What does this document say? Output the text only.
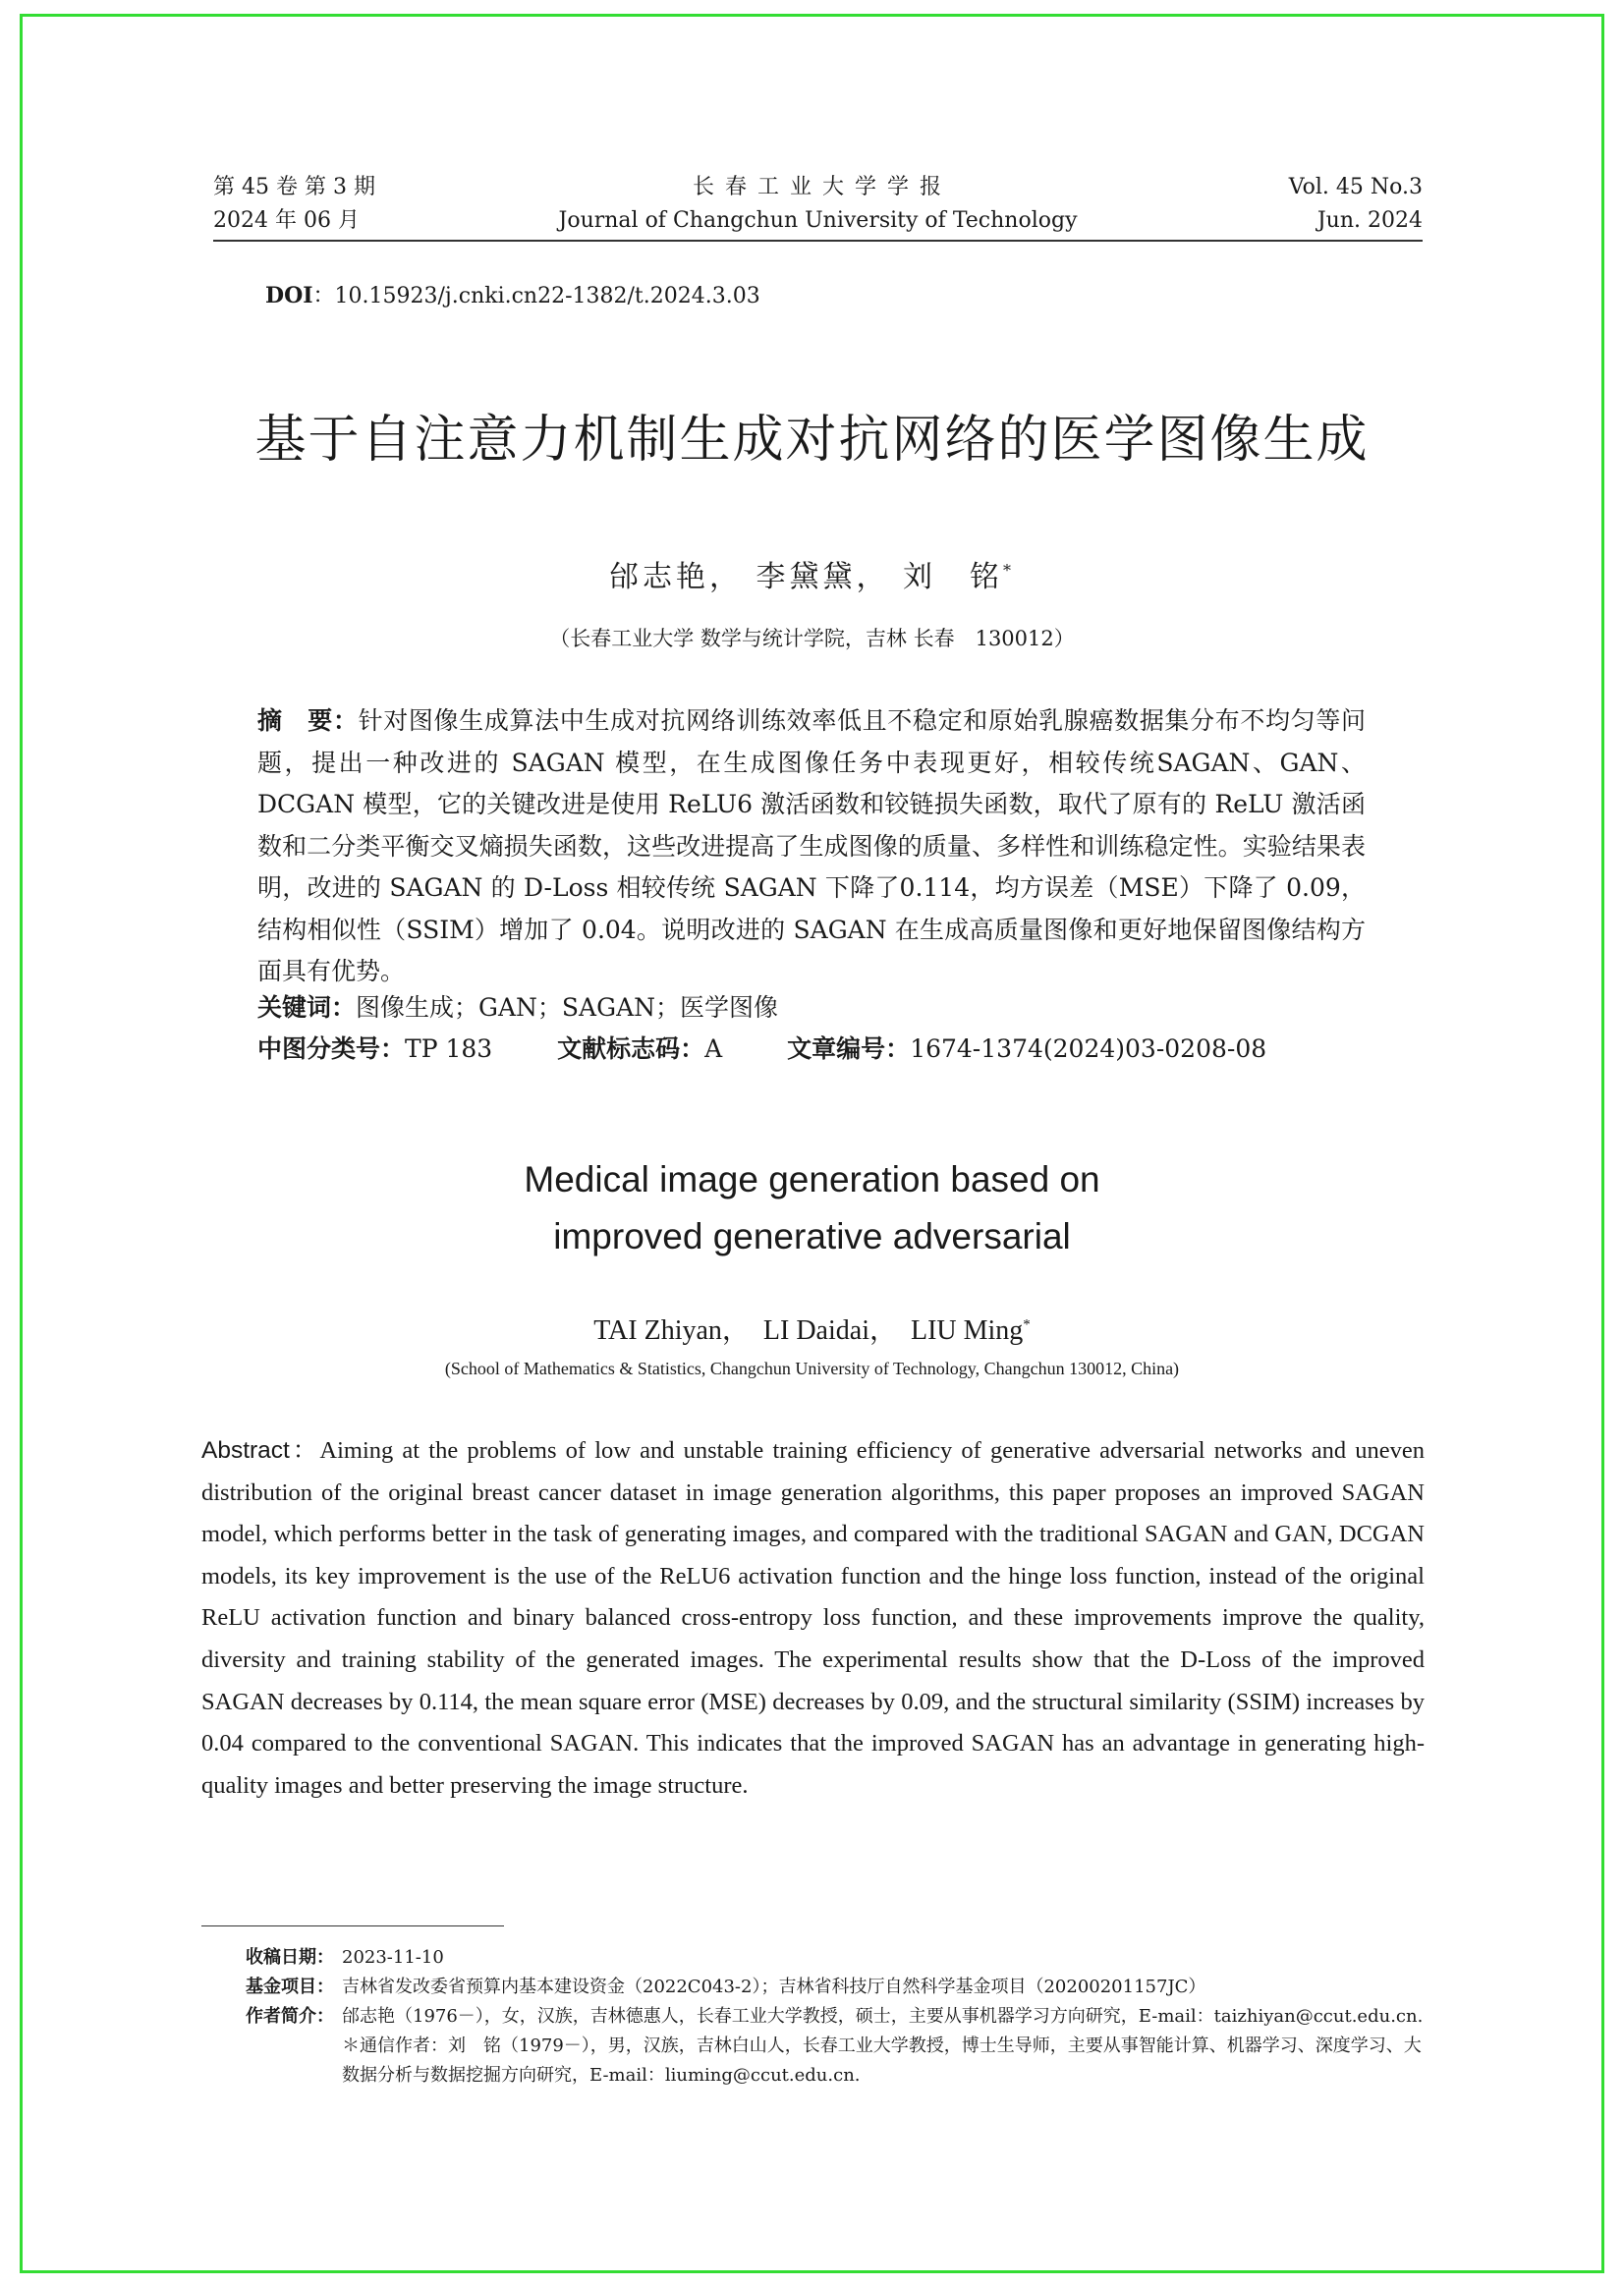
第 45 卷 第 3 期
2024 年 06 月
长 春 工 业 大 学 学 报
Journal of Changchun University of Technology
Vol. 45 No.3
Jun. 2024
DOI：10.15923/j.cnki.cn22-1382/t.2024.3.03
基于自注意力机制生成对抗网络的医学图像生成
邰志艳， 李黛黛， 刘　铭*
（长春工业大学 数学与统计学院，吉林 长春　130012）
摘　要：针对图像生成算法中生成对抗网络训练效率低且不稳定和原始乳腺癌数据集分布不均匀等问题，提出一种改进的 SAGAN 模型，在生成图像任务中表现更好，相较传统SAGAN、GAN、DCGAN 模型，它的关键改进是使用 ReLU6 激活函数和铰链损失函数，取代了原有的 ReLU 激活函数和二分类平衡交叉熵损失函数，这些改进提高了生成图像的质量、多样性和训练稳定性。实验结果表明，改进的 SAGAN 的 D-Loss 相较传统 SAGAN 下降了0.114，均方误差（MSE）下降了 0.09，结构相似性（SSIM）增加了 0.04。说明改进的 SAGAN 在生成高质量图像和更好地保留图像结构方面具有优势。
关键词：图像生成；GAN；SAGAN；医学图像
中图分类号：TP 183	文献标志码：A	文章编号：1674-1374(2024)03-0208-08
Medical image generation based on
improved generative adversarial
TAI Zhiyan，　LI Daidai，　LIU Ming*
(School of Mathematics & Statistics, Changchun University of Technology, Changchun 130012, China)
Abstract：Aiming at the problems of low and unstable training efficiency of generative adversarial networks and uneven distribution of the original breast cancer dataset in image generation algorithms, this paper proposes an improved SAGAN model, which performs better in the task of generating images, and compared with the traditional SAGAN and GAN, DCGAN models, its key improvement is the use of the ReLU6 activation function and the hinge loss function, instead of the original ReLU activation function and binary balanced cross-entropy loss function, and these improvements improve the quality, diversity and training stability of the generated images. The experimental results show that the D-Loss of the improved SAGAN decreases by 0.114, the mean square error (MSE) decreases by 0.09, and the structural similarity (SSIM) increases by 0.04 compared to the conventional SAGAN. This indicates that the improved SAGAN has an advantage in generating high-quality images and better preserving the image structure.
收稿日期： 2023-11-10
基金项目： 吉林省发改委省预算内基本建设资金（2022C043-2）；吉林省科技厅自然科学基金项目（20200201157JC）
作者简介： 邰志艳（1976－），女，汉族，吉林德惠人，长春工业大学教授，硕士，主要从事机器学习方向研究，E-mail：taizhiyan@ccut.edu.cn. ＊通信作者：刘　铭（1979－），男，汉族，吉林白山人，长春工业大学教授，博士生导师，主要从事智能计算、机器学习、深度学习、大数据分析与数据挖掘方向研究，E-mail：liuming@ccut.edu.cn.
